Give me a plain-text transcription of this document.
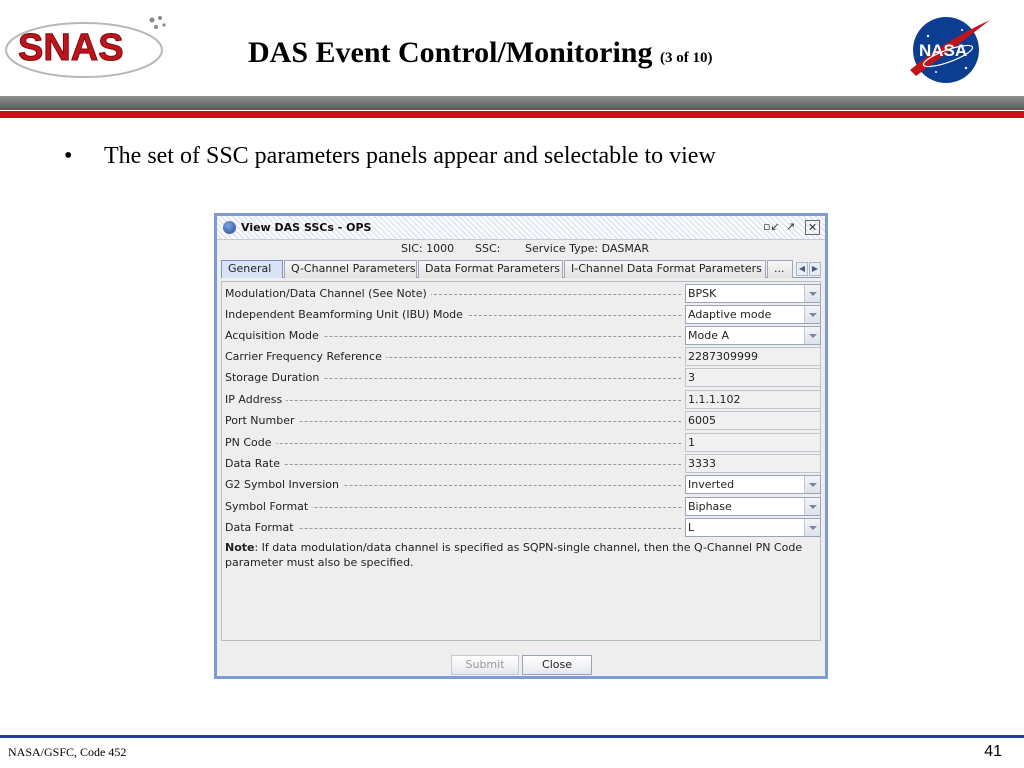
SNAS	DAS Event Control/Monitoring (3 of 10)	NASA
• The set of SSC parameters panels appear and selectable to view
View DAS SSCs - OPS	▫↙ ↗ ✕
SIC: 1000 SSC: Service Type: DASMAR
General	Q-Channel Parameters Data Format Parameters	I-Channel Data Format Parameters	...	◀ ▶
Modulation/Data Channel (See Note)	BPSK
Independent Beamforming Unit (IBU) Mode	Adaptive mode
Acquisition Mode	Mode A
Carrier Frequency Reference	2287309999
Storage Duration	3
IP Address	1.1.1.102
Port Number	6005
PN Code	1
Data Rate	3333
G2 Symbol Inversion	Inverted
Symbol Format	Biphase
Data Format	L
Note: If data modulation/data channel is specified as SQPN-single channel, then the Q-Channel PN Code parameter must also be specified.
Submit	Close
NASA/GSFC, Code 452	41
